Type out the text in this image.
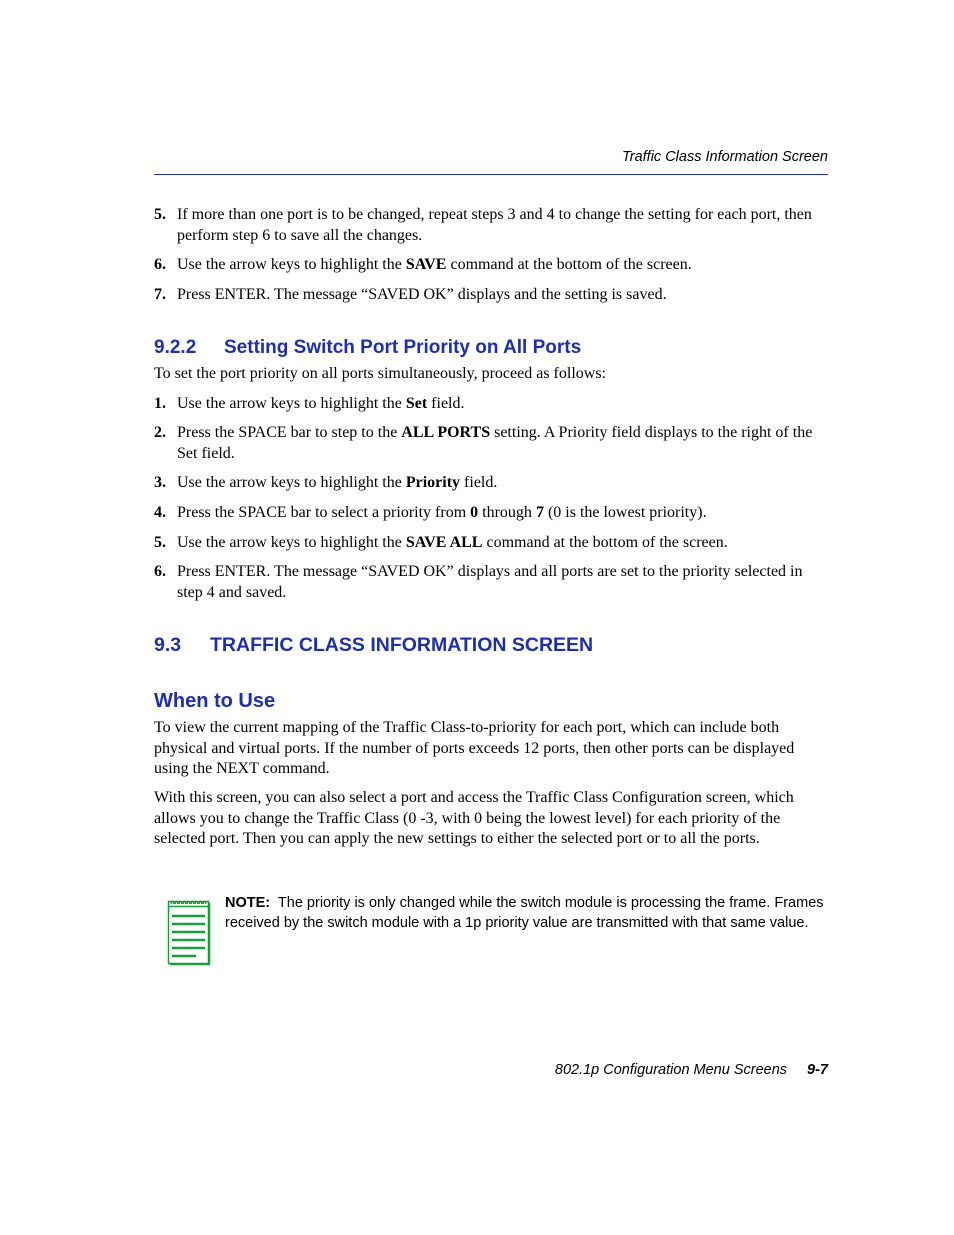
Traffic Class Information Screen
5. If more than one port is to be changed, repeat steps 3 and 4 to change the setting for each port, then perform step 6 to save all the changes.
6. Use the arrow keys to highlight the SAVE command at the bottom of the screen.
7. Press ENTER. The message “SAVED OK” displays and the setting is saved.
9.2.2 Setting Switch Port Priority on All Ports
To set the port priority on all ports simultaneously, proceed as follows:
1. Use the arrow keys to highlight the Set field.
2. Press the SPACE bar to step to the ALL PORTS setting. A Priority field displays to the right of the Set field.
3. Use the arrow keys to highlight the Priority field.
4. Press the SPACE bar to select a priority from 0 through 7 (0 is the lowest priority).
5. Use the arrow keys to highlight the SAVE ALL command at the bottom of the screen.
6. Press ENTER. The message “SAVED OK” displays and all ports are set to the priority selected in step 4 and saved.
9.3 TRAFFIC CLASS INFORMATION SCREEN
When to Use
To view the current mapping of the Traffic Class-to-priority for each port, which can include both physical and virtual ports. If the number of ports exceeds 12 ports, then other ports can be displayed using the NEXT command.
With this screen, you can also select a port and access the Traffic Class Configuration screen, which allows you to change the Traffic Class (0 -3, with 0 being the lowest level) for each priority of the selected port. Then you can apply the new settings to either the selected port or to all the ports.
NOTE: The priority is only changed while the switch module is processing the frame. Frames received by the switch module with a 1p priority value are transmitted with that same value.
802.1p Configuration Menu Screens 9-7
